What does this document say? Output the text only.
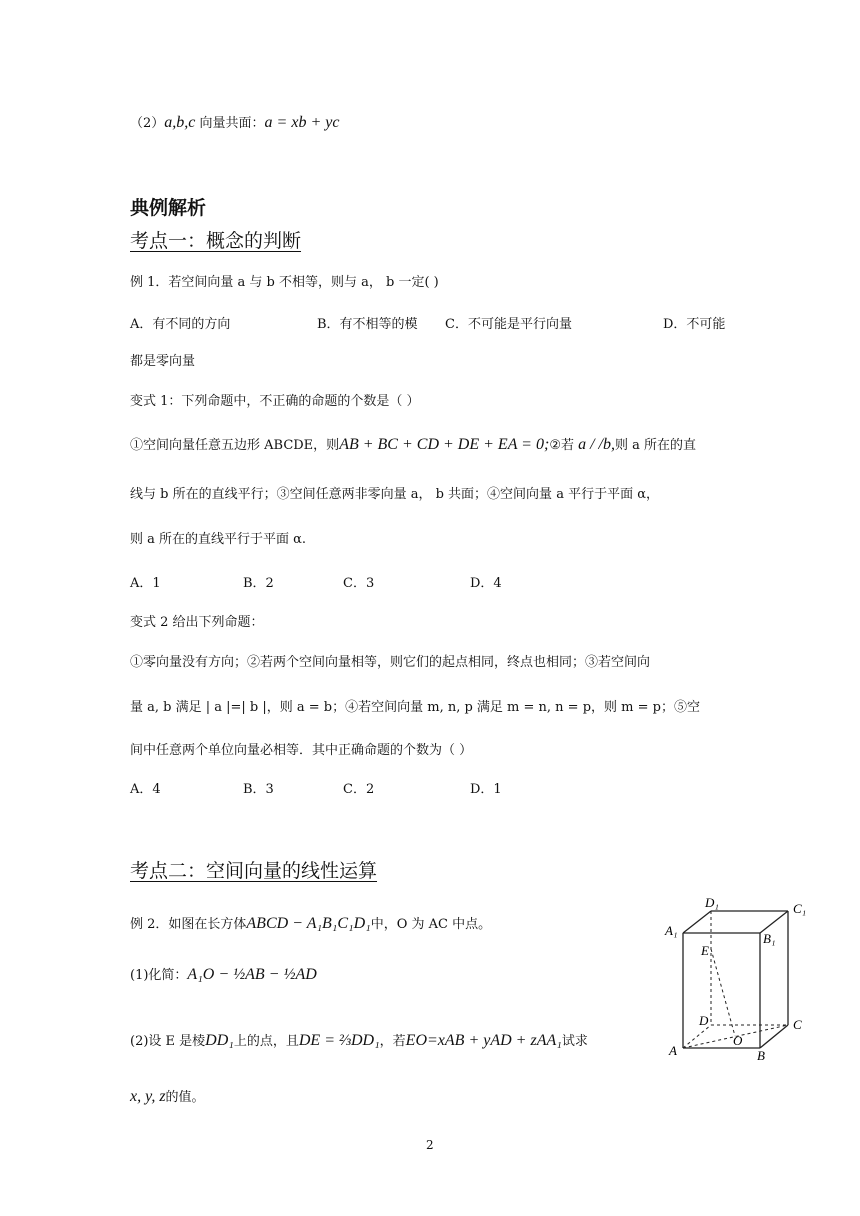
（2）a,b,c 向量共面：a = xb + yc
典例解析
考点一：概念的判断
例 1．若空间向量 a 与 b 不相等，则与 a， b 一定( )
A．有不同的方向	B．有不相等的模 C．不可能是平行向量	D．不可能
都是零向量
变式 1：下列命题中，不正确的命题的个数是（ ）
①空间向量任意五边形 ABCDE，则AB + BC + CD + DE + EA = 0;②若 a / /b,则 a 所在的直
线与 b 所在的直线平行；③空间任意两非零向量 a， b 共面；④空间向量 a 平行于平面 α，
则 a 所在的直线平行于平面 α.
A．1	B．2	C．3	D．4
变式 2 给出下列命题：
①零向量没有方向；②若两个空间向量相等，则它们的起点相同，终点也相同；③若空间向
量 a, b 满足 | a |=| b |，则 a = b；④若空间向量 m, n, p 满足 m = n, n = p，则 m = p；⑤空
间中任意两个单位向量必相等．其中正确命题的个数为（ ）
A．4	B．3	C．2	D．1
考点二：空间向量的线性运算
例 2．如图在长方体ABCD − A₁B₁C₁D₁中，O 为 AC 中点。
(1)化简：A₁O − ½AB − ½AD
(2)设 E 是棱DD₁上的点，且DE = ⅔DD₁，若EO=xAB + yAD + zAA₁试求
x, y, z的值。
D₁	C₁
A₁
B₁
E
D	C
A	B
O
2
